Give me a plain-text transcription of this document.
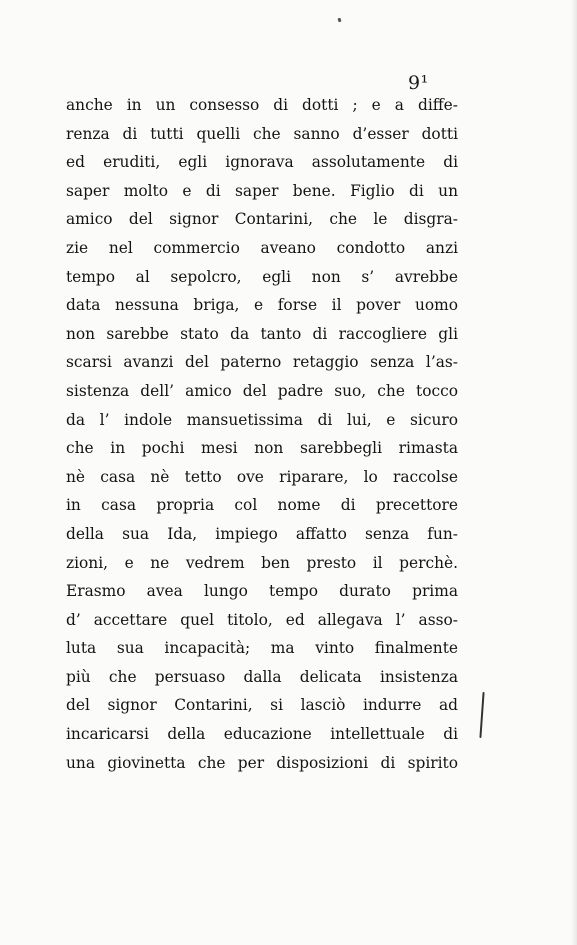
9¹
anche in un consesso di dotti ; e a diffe-
renza di tutti quelli che sanno d’esser dotti
ed eruditi, egli ignorava assolutamente di
saper molto e di saper bene. Figlio di un
amico del signor Contarini, che le disgra-
zie nel commercio aveano condotto anzi
tempo al sepolcro, egli non s’ avrebbe
data nessuna briga, e forse il pover uomo
non sarebbe stato da tanto di raccogliere gli
scarsi avanzi del paterno retaggio senza l’as-
sistenza dell’ amico del padre suo, che tocco
da l’ indole mansuetissima di lui, e sicuro
che in pochi mesi non sarebbegli rimasta
nè casa nè tetto ove riparare, lo raccolse
in casa propria col nome di precettore
della sua Ida, impiego affatto senza fun-
zioni, e ne vedrem ben presto il perchè.
Erasmo avea lungo tempo durato prima
d’ accettare quel titolo, ed allegava l’ asso-
luta sua incapacità; ma vinto finalmente
più che persuaso dalla delicata insistenza
del signor Contarini, si lasciò indurre ad
incaricarsi della educazione intellettuale di
una giovinetta che per disposizioni di spirito
